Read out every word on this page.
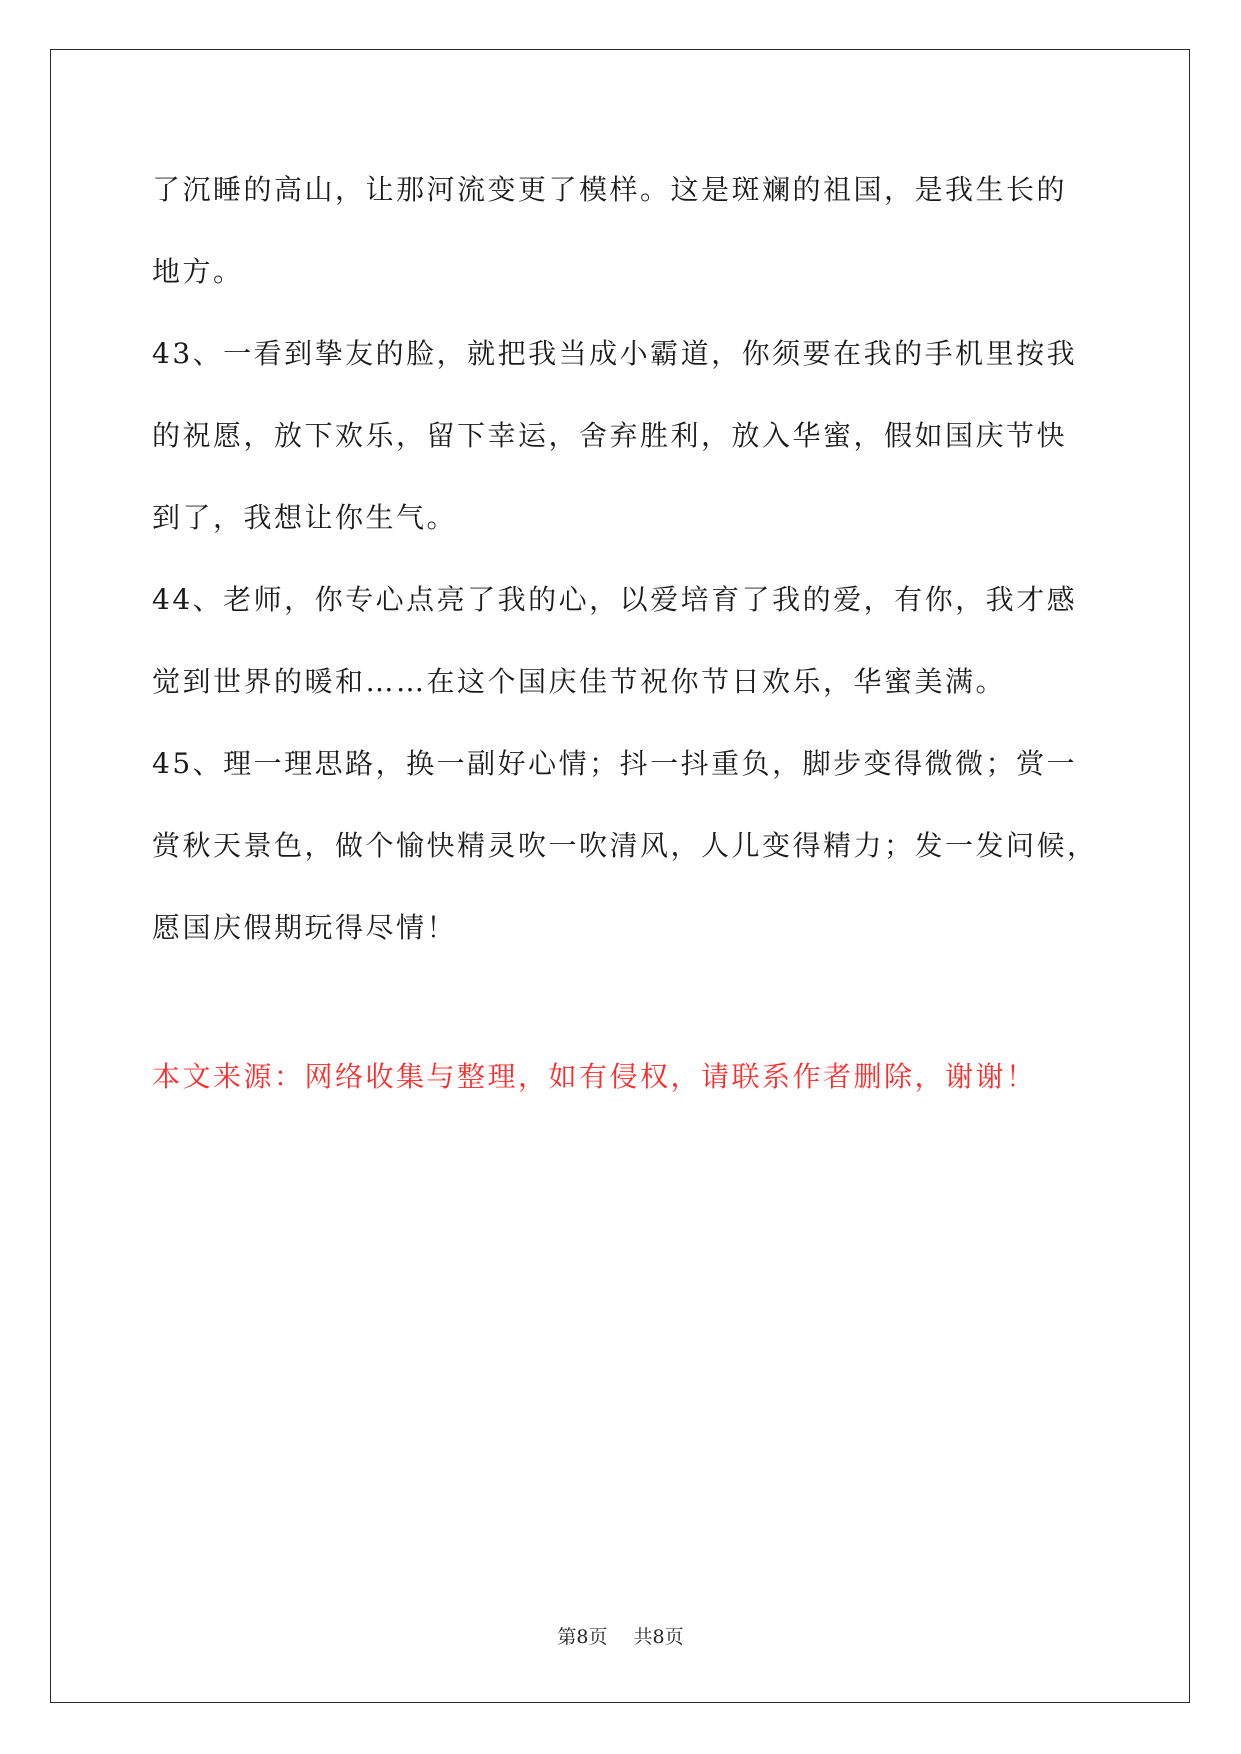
了沉睡的高山，让那河流变更了模样。这是斑斓的祖国，是我生长的
地方。
43、一看到挚友的脸，就把我当成小霸道，你须要在我的手机里按我
的祝愿，放下欢乐，留下幸运，舍弃胜利，放入华蜜，假如国庆节快
到了，我想让你生气。
44、老师，你专心点亮了我的心，以爱培育了我的爱，有你，我才感
觉到世界的暖和……在这个国庆佳节祝你节日欢乐，华蜜美满。
45、理一理思路，换一副好心情；抖一抖重负，脚步变得微微；赏一
赏秋天景色，做个愉快精灵吹一吹清风，人儿变得精力；发一发问候，
愿国庆假期玩得尽情！
本文来源：网络收集与整理，如有侵权，请联系作者删除，谢谢！
第8页 共8页
